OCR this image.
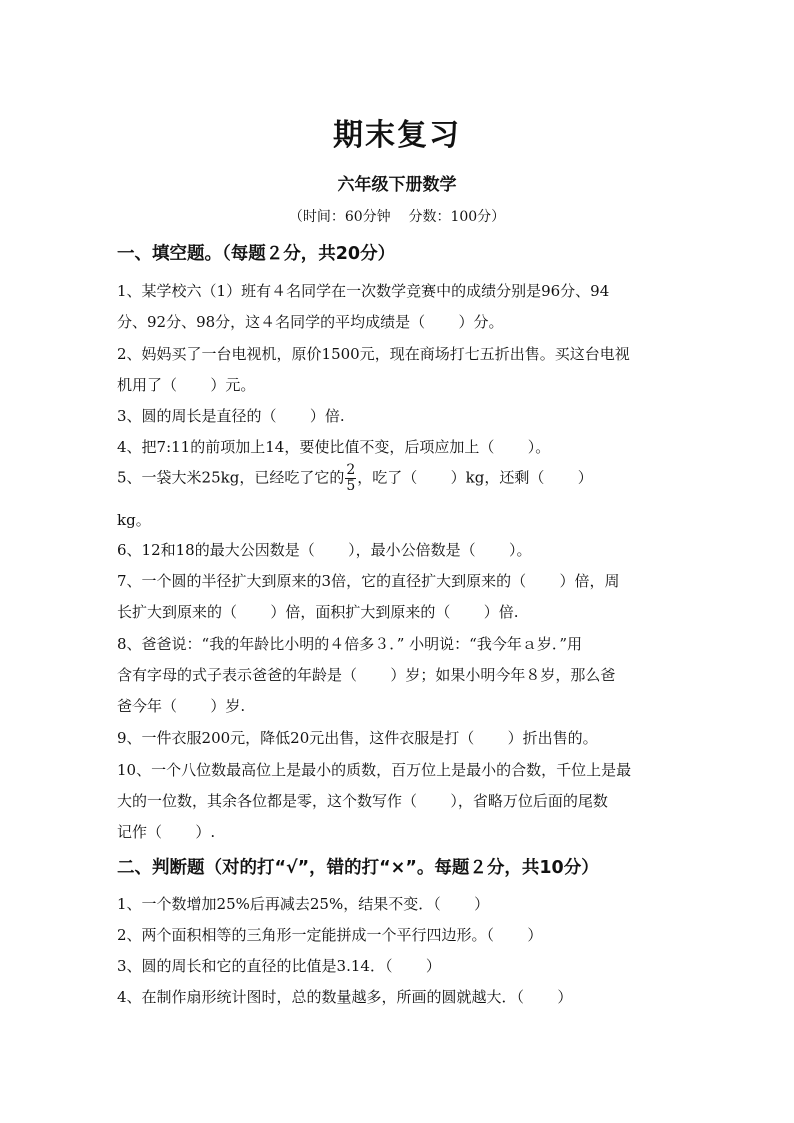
期末复习
六年级下册数学
（时间：60分钟    分数：100分）
一、填空题。（每题２分，共20分）
1、某学校六（1）班有４名同学在一次数学竞赛中的成绩分别是96分、94
分、92分、98分，这４名同学的平均成绩是（       ）分。
2、妈妈买了一台电视机，原价1500元，现在商场打七五折出售。买这台电视
机用了（       ）元。
3、圆的周长是直径的（       ）倍.
4、把7:11的前项加上14，要使比值不变，后项应加上（       ）。
5、一袋大米25kg，已经吃了它的 $\frac{2}{5}$ ，吃了（       ）kg，还剩（       ）
kg。
6、12和18的最大公因数是（       ），最小公倍数是（       ）。
7、一个圆的半径扩大到原来的3倍，它的直径扩大到原来的（       ）倍，周
长扩大到原来的（       ）倍，面积扩大到原来的（       ）倍.
8、爸爸说：“我的年龄比小明的４倍多３．” 小明说：“我今年ａ岁．”用
含有字母的式子表示爸爸的年龄是（       ）岁；如果小明今年８岁，那么爸
爸今年（       ）岁.
9、一件衣服200元，降低20元出售，这件衣服是打（       ）折出售的。
10、一个八位数最高位上是最小的质数，百万位上是最小的合数，千位上是最
大的一位数，其余各位都是零，这个数写作（       ），省略万位后面的尾数
记作（       ）.
二、判断题（对的打“√”，错的打“×”。每题２分，共10分）
1、一个数增加25%后再减去25%，结果不变．（       ）
2、两个面积相等的三角形一定能拼成一个平行四边形。（       ）
3、圆的周长和它的直径的比值是3.14．（       ）
4、在制作扇形统计图时，总的数量越多，所画的圆就越大．（       ）
